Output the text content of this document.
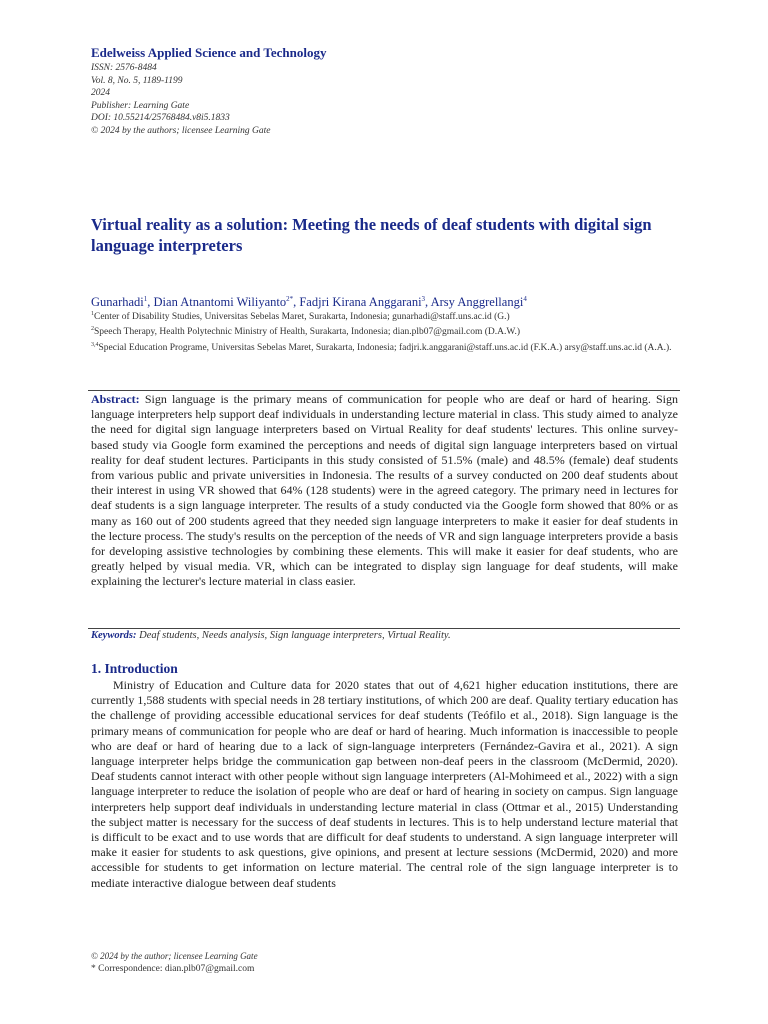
Edelweiss Applied Science and Technology
ISSN: 2576-8484
Vol. 8, No. 5, 1189-1199
2024
Publisher: Learning Gate
DOI: 10.55214/25768484.v8i5.1833
© 2024 by the authors; licensee Learning Gate
Virtual reality as a solution: Meeting the needs of deaf students with digital sign language interpreters
Gunarhadi$^1$, Dian Atnantomi Wiliyanto$^{2*}$, Fadjri Kirana Anggarani$^3$, Arsy Anggrellangi$^4$
$^1$Center of Disability Studies, Universitas Sebelas Maret, Surakarta, Indonesia; gunarhadi@staff.uns.ac.id (G.)
$^2$Speech Therapy, Health Polytechnic Ministry of Health, Surakarta, Indonesia; dian.plb07@gmail.com (D.A.W.)
$^{3,4}$Special Education Programe, Universitas Sebelas Maret, Surakarta, Indonesia; fadjri.k.anggarani@staff.uns.ac.id (F.K.A.) arsy@staff.uns.ac.id (A.A.).
Abstract: Sign language is the primary means of communication for people who are deaf or hard of hearing. Sign language interpreters help support deaf individuals in understanding lecture material in class. This study aimed to analyze the need for digital sign language interpreters based on Virtual Reality for deaf students' lectures. This online survey-based study via Google form examined the perceptions and needs of digital sign language interpreters based on virtual reality for deaf student lectures. Participants in this study consisted of 51.5% (male) and 48.5% (female) deaf students from various public and private universities in Indonesia. The results of a survey conducted on 200 deaf students about their interest in using VR showed that 64% (128 students) were in the agreed category. The primary need in lectures for deaf students is a sign language interpreter. The results of a study conducted via the Google form showed that 80% or as many as 160 out of 200 students agreed that they needed sign language interpreters to make it easier for deaf students in the lecture process. The study's results on the perception of the needs of VR and sign language interpreters provide a basis for developing assistive technologies by combining these elements. This will make it easier for deaf students, who are greatly helped by visual media. VR, which can be integrated to display sign language for deaf students, will make explaining the lecturer's lecture material in class easier.
Keywords: Deaf students, Needs analysis, Sign language interpreters, Virtual Reality.
1. Introduction
Ministry of Education and Culture data for 2020 states that out of 4,621 higher education institutions, there are currently 1,588 students with special needs in 28 tertiary institutions, of which 200 are deaf. Quality tertiary education has the challenge of providing accessible educational services for deaf students (Teófilo et al., 2018). Sign language is the primary means of communication for people who are deaf or hard of hearing. Much information is inaccessible to people who are deaf or hard of hearing due to a lack of sign-language interpreters (Fernández-Gavira et al., 2021). A sign language interpreter helps bridge the communication gap between non-deaf peers in the classroom (McDermid, 2020). Deaf students cannot interact with other people without sign language interpreters (Al-Mohimeed et al., 2022) with a sign language interpreter to reduce the isolation of people who are deaf or hard of hearing in society on campus. Sign language interpreters help support deaf individuals in understanding lecture material in class (Ottmar et al., 2015) Understanding the subject matter is necessary for the success of deaf students in lectures. This is to help understand lecture material that is difficult to be exact and to use words that are difficult for deaf students to understand. A sign language interpreter will make it easier for students to ask questions, give opinions, and present at lecture sessions (McDermid, 2020) and more accessible for students to get information on lecture material. The central role of the sign language interpreter is to mediate interactive dialogue between deaf students
© 2024 by the author; licensee Learning Gate
* Correspondence: dian.plb07@gmail.com
